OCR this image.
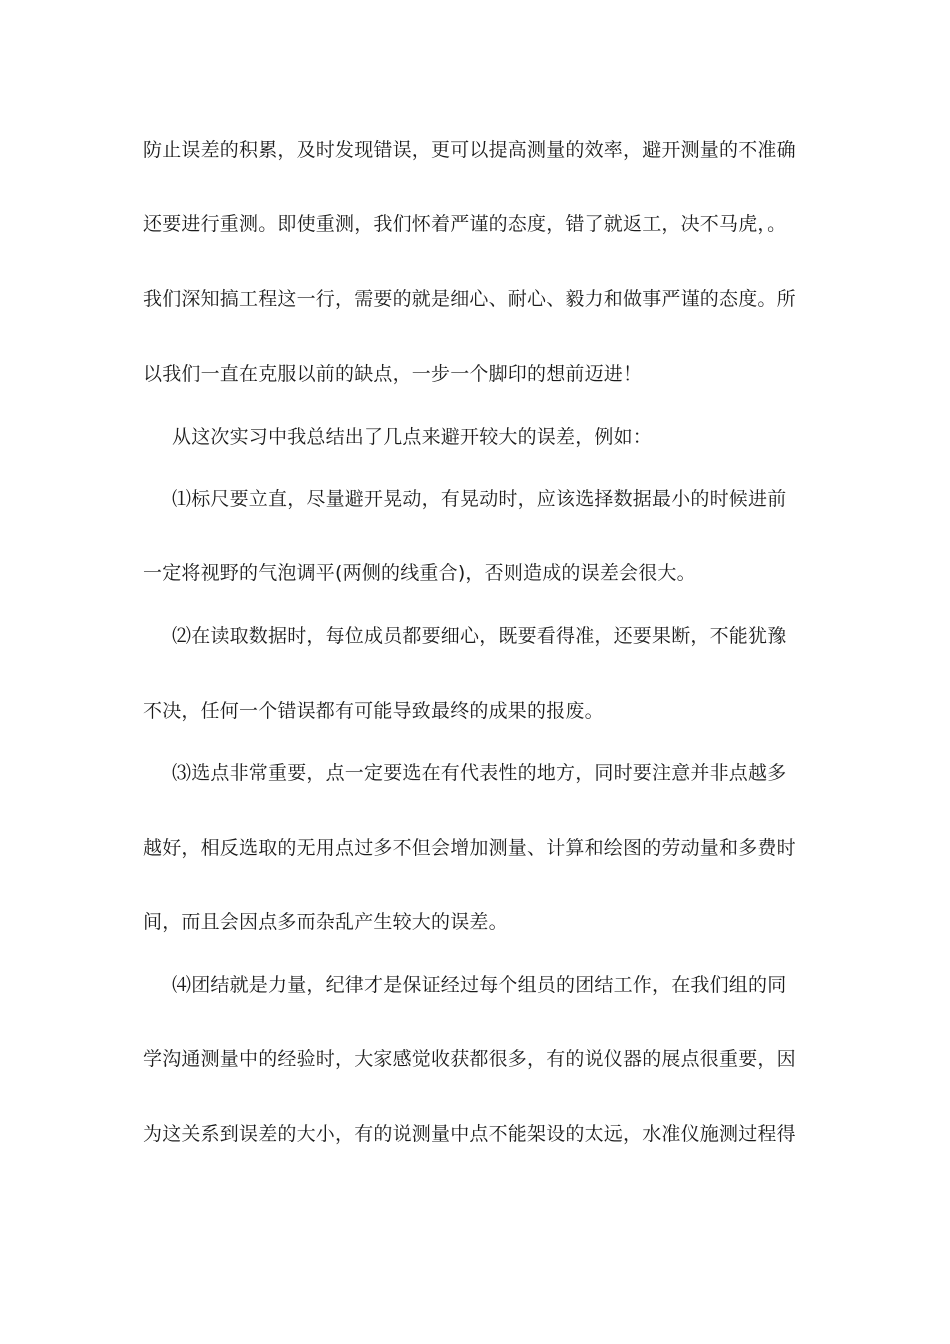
防止误差的积累，及时发现错误，更可以提高测量的效率，避开测量的不准确
还要进行重测。即使重测，我们怀着严谨的态度，错了就返工，决不马虎，。
我们深知搞工程这一行，需要的就是细心、耐心、毅力和做事严谨的态度。所
以我们一直在克服以前的缺点，一步一个脚印的想前迈进！
从这次实习中我总结出了几点来避开较大的误差，例如：
⑴标尺要立直，尽量避开晃动，有晃动时，应该选择数据最小的时候进前
一定将视野的气泡调平(两侧的线重合)，否则造成的误差会很大。
⑵在读取数据时，每位成员都要细心，既要看得准，还要果断，不能犹豫
不决，任何一个错误都有可能导致最终的成果的报废。
⑶选点非常重要，点一定要选在有代表性的地方，同时要注意并非点越多
越好，相反选取的无用点过多不但会增加测量、计算和绘图的劳动量和多费时
间，而且会因点多而杂乱产生较大的误差。
⑷团结就是力量，纪律才是保证经过每个组员的团结工作，在我们组的同
学沟通测量中的经验时，大家感觉收获都很多，有的说仪器的展点很重要，因
为这关系到误差的大小，有的说测量中点不能架设的太远，水准仪施测过程得
